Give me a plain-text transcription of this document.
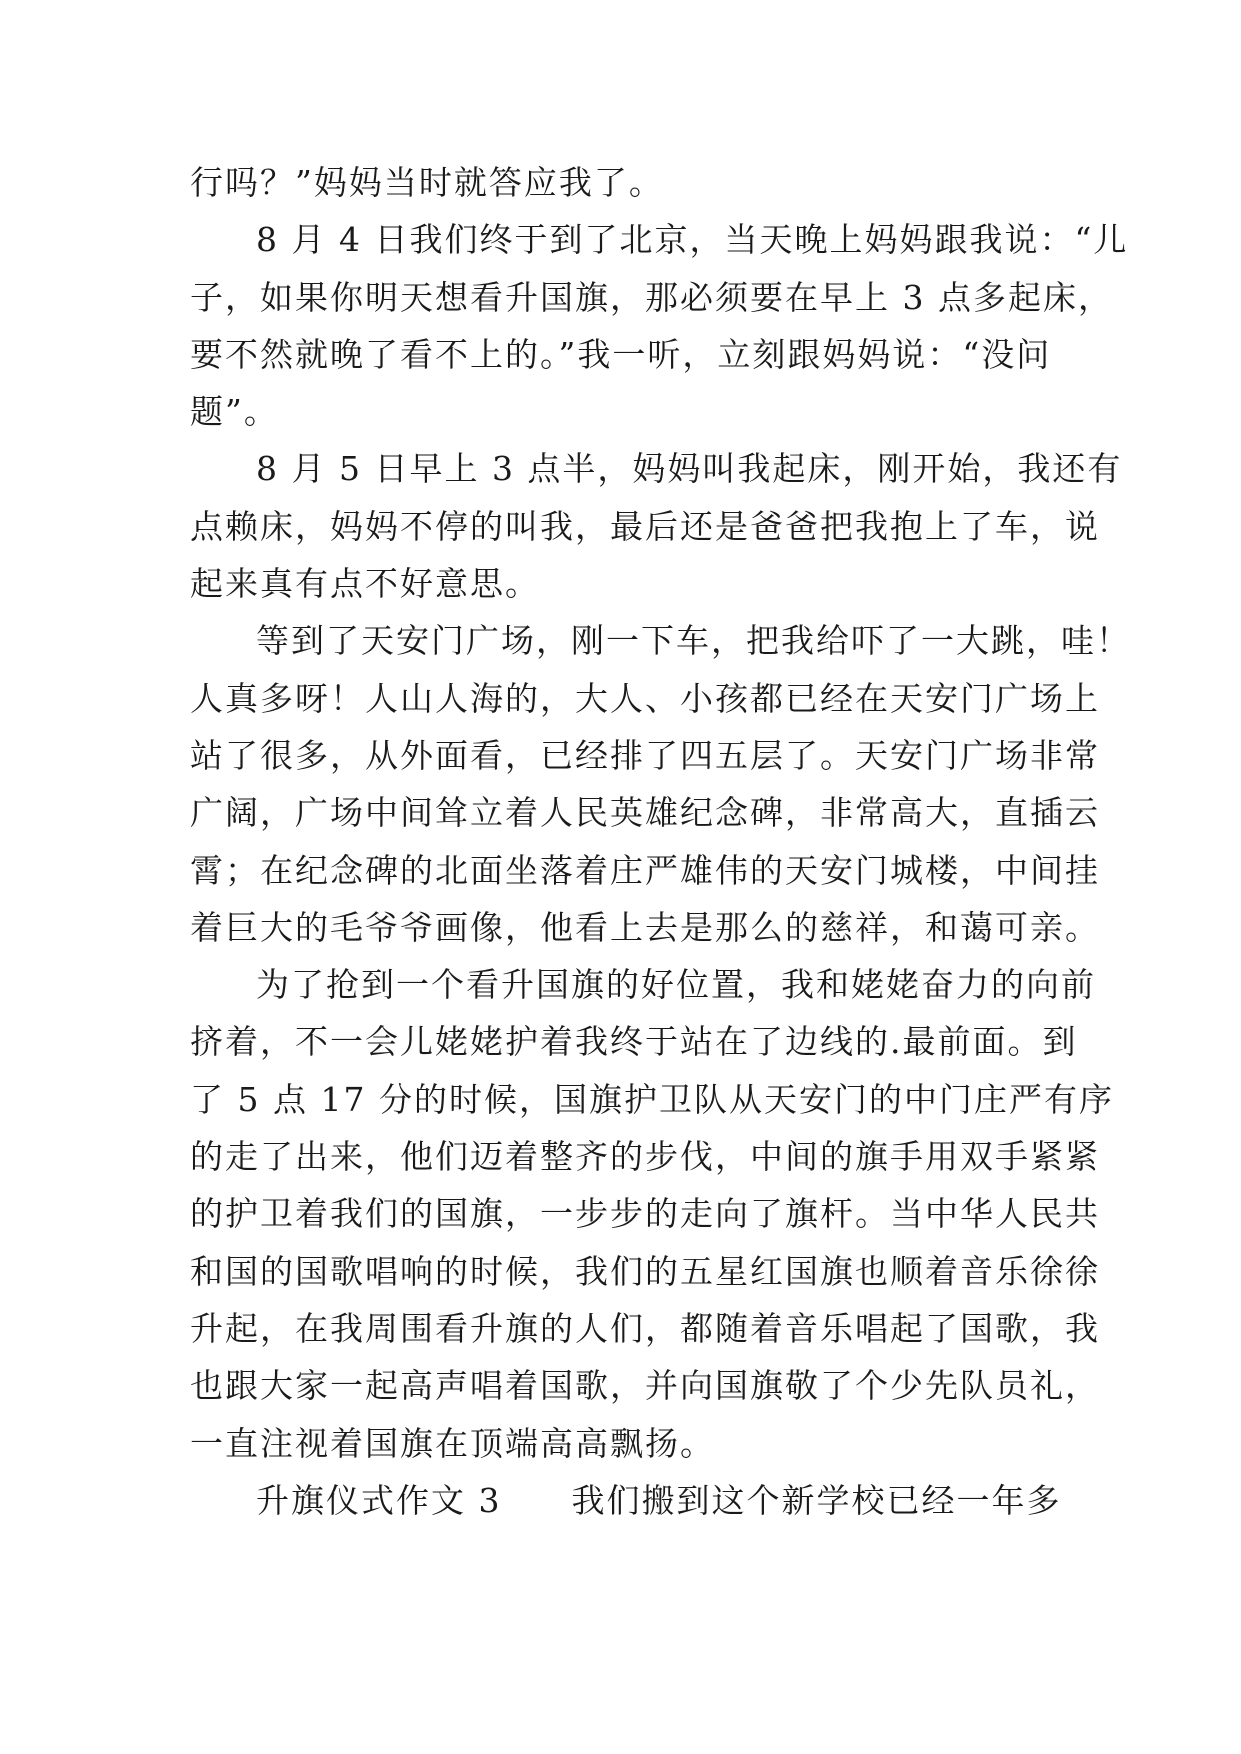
行吗？”妈妈当时就答应我了。
8 月 4 日我们终于到了北京，当天晚上妈妈跟我说：“儿
子，如果你明天想看升国旗，那必须要在早上 3 点多起床，
要不然就晚了看不上的。”我一听，立刻跟妈妈说：“没问
题”。
8 月 5 日早上 3 点半，妈妈叫我起床，刚开始，我还有
点赖床，妈妈不停的叫我，最后还是爸爸把我抱上了车，说
起来真有点不好意思。
等到了天安门广场，刚一下车，把我给吓了一大跳，哇！
人真多呀！人山人海的，大人、小孩都已经在天安门广场上
站了很多，从外面看，已经排了四五层了。天安门广场非常
广阔，广场中间耸立着人民英雄纪念碑，非常高大，直插云
霄；在纪念碑的北面坐落着庄严雄伟的天安门城楼，中间挂
着巨大的毛爷爷画像，他看上去是那么的慈祥，和蔼可亲。
为了抢到一个看升国旗的好位置，我和姥姥奋力的向前
挤着，不一会儿姥姥护着我终于站在了边线的.最前面。到
了 5 点 17 分的时候，国旗护卫队从天安门的中门庄严有序
的走了出来，他们迈着整齐的步伐，中间的旗手用双手紧紧
的护卫着我们的国旗，一步步的走向了旗杆。当中华人民共
和国的国歌唱响的时候，我们的五星红国旗也顺着音乐徐徐
升起，在我周围看升旗的人们，都随着音乐唱起了国歌，我
也跟大家一起高声唱着国歌，并向国旗敬了个少先队员礼，
一直注视着国旗在顶端高高飘扬。
升旗仪式作文 3 我们搬到这个新学校已经一年多
